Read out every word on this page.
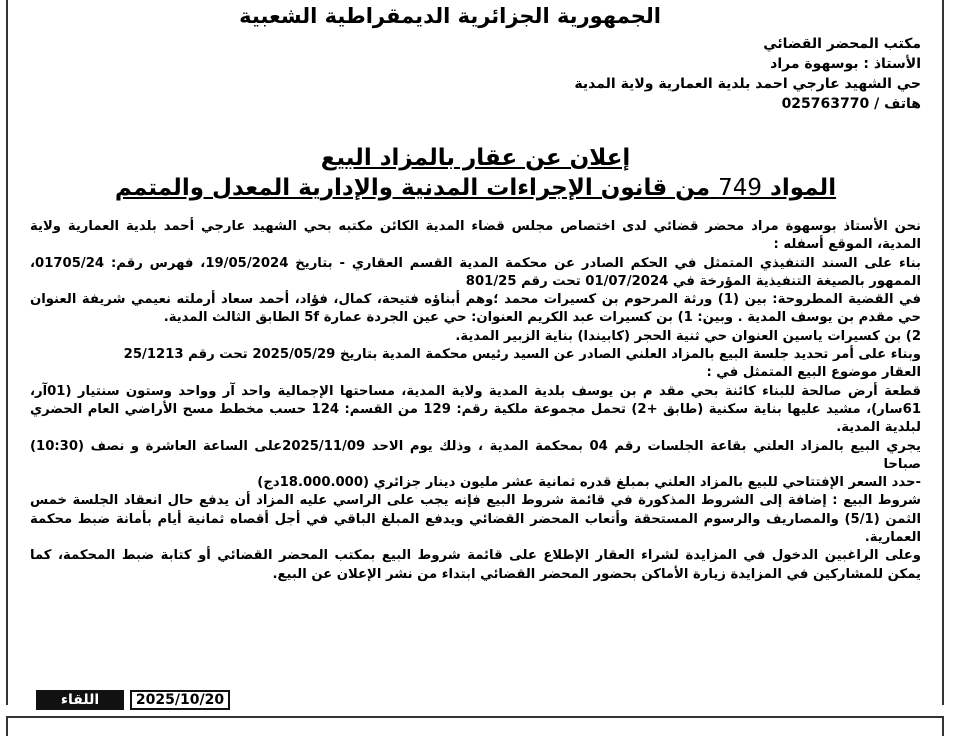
الجمهورية الجزائرية الديمقراطية الشعبية
مكتب المحضر القضائي
الأستاذ : بوسهوة مراد
حي الشهيد عارجي احمد بلدية العمارية ولاية المدية
هاتف / 025763770
إعلان عن عقار بالمزاد البيع
المواد 749 من قانون الإجراءات المدنية والإدارية المعدل والمتمم

نحن الأستاذ بوسهوة مراد محضر قضائي لدى اختصاص مجلس قضاء المدية الكائن مكتبه بحي الشهيد عارجي أحمد بلدية العمارية ولاية المدية، الموقع أسفله :

بناء على السند التنفيذي المتمثل في الحكم الصادر عن محكمة المدية القسم العقاري - بتاريخ 19/05/2024، فهرس رقم: 01705/24، الممهور بالصيغة التنفيذية المؤرخة في 01/07/2024 تحت رقم 801/25

في القضية المطروحة: بين (1) ورثة المرحوم بن كسيرات محمد ؛وهم أبناؤه فتيحة، كمال، فؤاد، أحمد سعاد أرملته نعيمي شريفة العنوان حي مقدم بن يوسف المدية . وبين: 1) بن كسيرات عبد الكريم العنوان: حي عين الجردة عمارة 5f الطابق الثالث المدية.

2) بن كسيرات ياسين العنوان حي ثنية الحجر (كابيندا) بناية الزبير المدية.

وبناء على أمر تحديد جلسة البيع بالمزاد العلني الصادر عن السيد رئيس محكمة المدية بتاريخ 2025/05/29 تحت رقم 25/1213

العقار موضوع البيع المتمثل في :

قطعة أرض صالحة للبناء كائنة بحي مقد م بن يوسف بلدية المدية ولاية المدية، مساحتها الإجمالية واحد آر وواحد وستون سنتيار (01آر، 61سار)، مشيد عليها بناية سكنية (طابق +2) تحمل مجموعة ملكية رقم: 129 من القسم: 124 حسب مخطط مسح الأراضي العام الحضري لبلدية المدية.

يجري البيع بالمزاد العلني بقاعة الجلسات رقم 04 بمحكمة المدية ، وذلك يوم الاحد 2025/11/09على الساعة العاشرة و نصف (10:30) صباحا

-حدد السعر الإفتتاحي للبيع بالمزاد العلني بمبلغ قدره ثمانية عشر مليون دينار جزائري (18.000.000دج)

شروط البيع : إضافة إلى الشروط المذكورة في قائمة شروط البيع فإنه يجب على الراسي عليه المزاد أن يدفع حال انعقاد الجلسة خمس الثمن (5/1) والمصاريف والرسوم المستحقة وأتعاب المحضر القضائي ويدفع المبلغ الباقي في أجل أقصاه ثمانية أيام بأمانة ضبط محكمة العمارية.

وعلى الراغبين الدخول في المزايدة لشراء العقار الإطلاع على قائمة شروط البيع بمكتب المحضر القضائي أو كتابة ضبط المحكمة، كما يمكن للمشاركين في المزايدة زيارة الأماكن بحضور المحضر القضائي ابتداء من نشر الإعلان عن البيع.

اللقاء	2025/10/20
